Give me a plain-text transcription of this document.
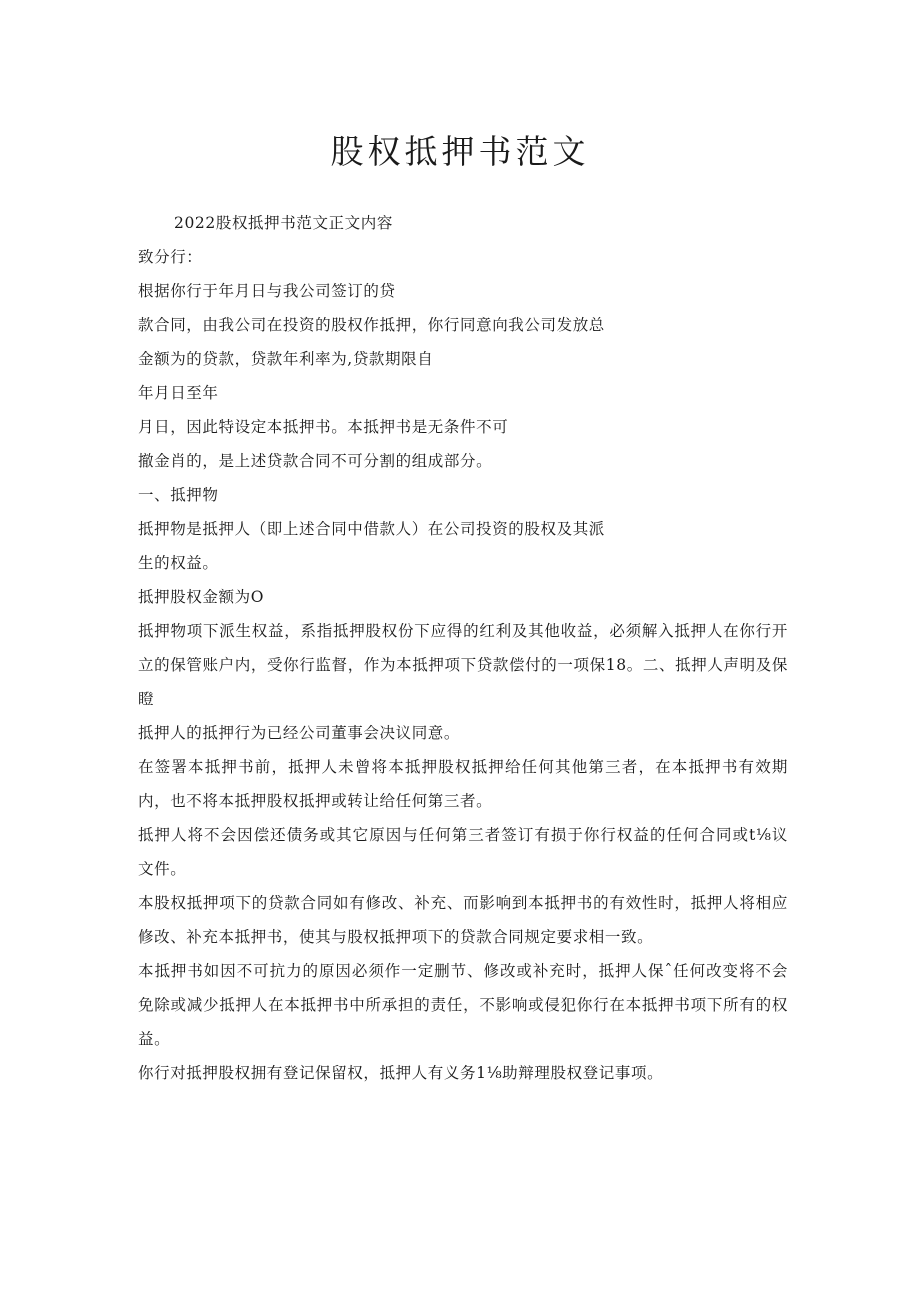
股权抵押书范文

2022股权抵押书范文正文内容

致分行：

根据你行于年月日与我公司签订的贷

款合同，由我公司在投资的股权作抵押，你行同意向我公司发放总

金额为的贷款，贷款年利率为,贷款期限自

年月日至年

月日，因此特设定本抵押书。本抵押书是无条件不可

撤金肖的，是上述贷款合同不可分割的组成部分。

一、抵押物

抵押物是抵押人（即上述合同中借款人）在公司投资的股权及其派

生的权益。

抵押股权金额为O

抵押物项下派生权益，系指抵押股权份下应得的红利及其他收益，必须解入抵押人在你行开立的保管账户内，受你行监督，作为本抵押项下贷款偿付的一项保18。二、抵押人声明及保瞪

抵押人的抵押行为已经公司董事会决议同意。

在签署本抵押书前，抵押人未曾将本抵押股权抵押给任何其他第三者，在本抵押书有效期内，也不将本抵押股权抵押或转让给任何第三者。

抵押人将不会因偿还债务或其它原因与任何第三者签订有损于你行权益的任何合同或t⅛议文件。

本股权抵押项下的贷款合同如有修改、补充、而影响到本抵押书的有效性时，抵押人将相应修改、补充本抵押书，使其与股权抵押项下的贷款合同规定要求相一致。

本抵押书如因不可抗力的原因必须作一定删节、修改或补充时，抵押人保ˆ任何改变将不会免除或减少抵押人在本抵押书中所承担的责任，不影响或侵犯你行在本抵押书项下所有的权益。

你行对抵押股权拥有登记保留权，抵押人有义务1⅛助辩理股权登记事项。
